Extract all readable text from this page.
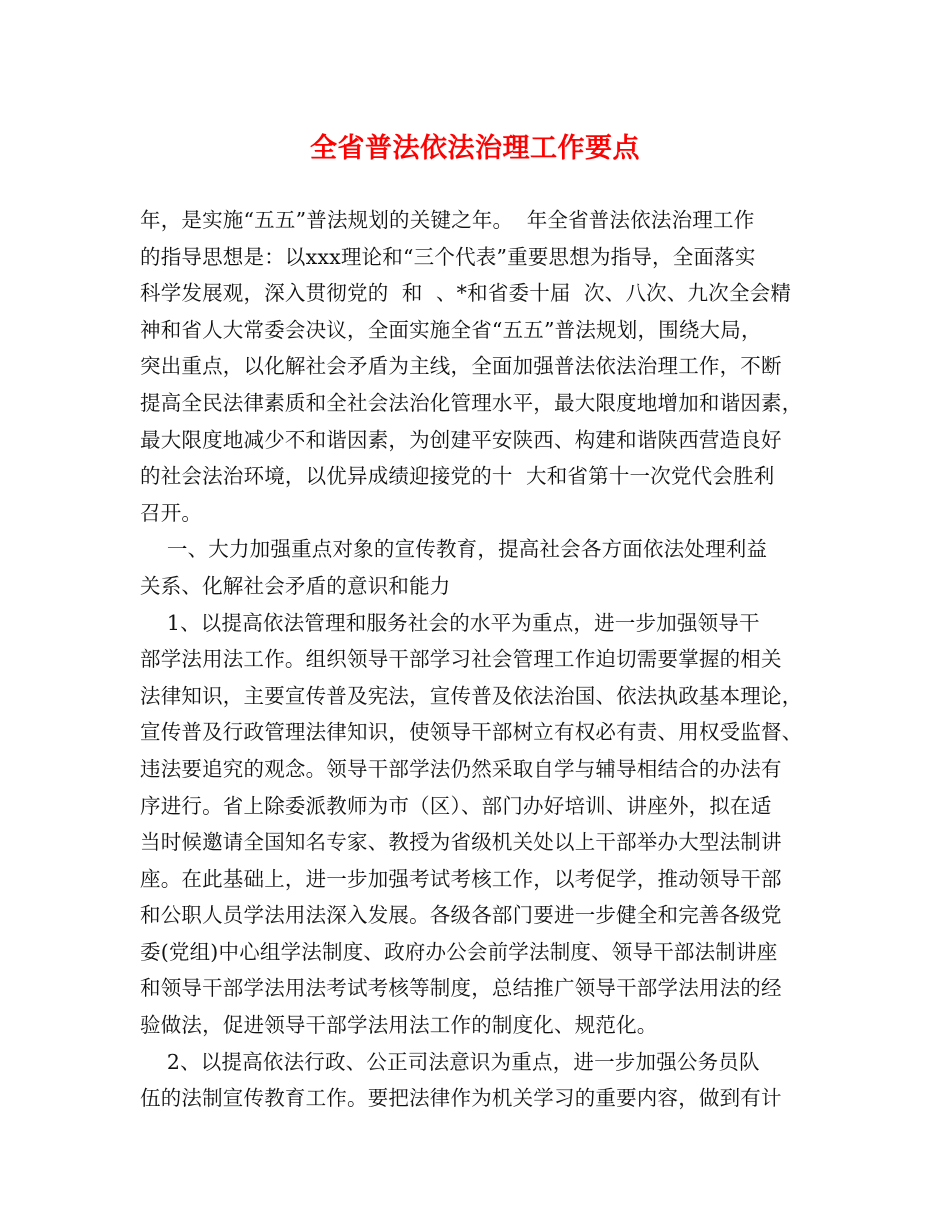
全省普法依法治理工作要点
年，是实施“五五”普法规划的关键之年。  年全省普法依法治理工作
的指导思想是：以xxx理论和“三个代表”重要思想为指导，全面落实
科学发展观，深入贯彻党的  和  、*和省委十届  次、八次、九次全会精
神和省人大常委会决议，全面实施全省“五五”普法规划，围绕大局，
突出重点，以化解社会矛盾为主线，全面加强普法依法治理工作，不断
提高全民法律素质和全社会法治化管理水平，最大限度地增加和谐因素，
最大限度地减少不和谐因素，为创建平安陕西、构建和谐陕西营造良好
的社会法治环境，以优异成绩迎接党的十  大和省第十一次党代会胜利
召开。
一、大力加强重点对象的宣传教育，提高社会各方面依法处理利益
关系、化解社会矛盾的意识和能力
1、以提高依法管理和服务社会的水平为重点，进一步加强领导干
部学法用法工作。组织领导干部学习社会管理工作迫切需要掌握的相关
法律知识，主要宣传普及宪法，宣传普及依法治国、依法执政基本理论，
宣传普及行政管理法律知识，使领导干部树立有权必有责、用权受监督、
违法要追究的观念。领导干部学法仍然采取自学与辅导相结合的办法有
序进行。省上除委派教师为市（区）、部门办好培训、讲座外，拟在适
当时候邀请全国知名专家、教授为省级机关处以上干部举办大型法制讲
座。在此基础上，进一步加强考试考核工作，以考促学，推动领导干部
和公职人员学法用法深入发展。各级各部门要进一步健全和完善各级党
委(党组)中心组学法制度、政府办公会前学法制度、领导干部法制讲座
和领导干部学法用法考试考核等制度，总结推广领导干部学法用法的经
验做法，促进领导干部学法用法工作的制度化、规范化。
2、以提高依法行政、公正司法意识为重点，进一步加强公务员队
伍的法制宣传教育工作。要把法律作为机关学习的重要内容，做到有计
